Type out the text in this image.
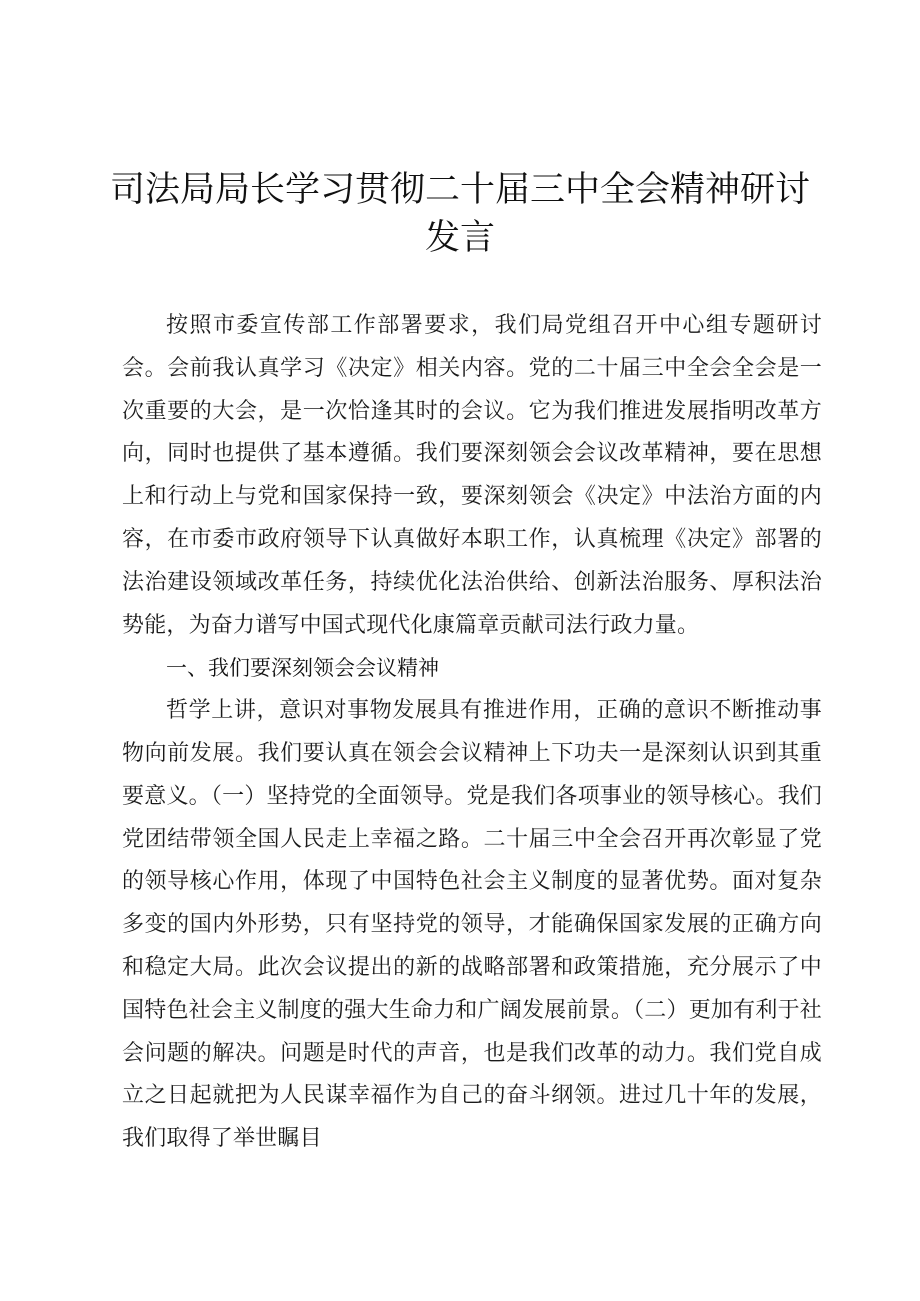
司法局局长学习贯彻二十届三中全会精神研讨
发言

按照市委宣传部工作部署要求，我们局党组召开中心组专题研讨会。会前我认真学习《决定》相关内容。党的二十届三中全会全会是一次重要的大会，是一次恰逢其时的会议。它为我们推进发展指明改革方向，同时也提供了基本遵循。我们要深刻领会会议改革精神，要在思想上和行动上与党和国家保持一致，要深刻领会《决定》中法治方面的内容，在市委市政府领导下认真做好本职工作，认真梳理《决定》部署的法治建设领域改革任务，持续优化法治供给、创新法治服务、厚积法治势能，为奋力谱写中国式现代化康篇章贡献司法行政力量。

一、我们要深刻领会会议精神

哲学上讲，意识对事物发展具有推进作用，正确的意识不断推动事物向前发展。我们要认真在领会会议精神上下功夫一是深刻认识到其重要意义。（一）坚持党的全面领导。党是我们各项事业的领导核心。我们党团结带领全国人民走上幸福之路。二十届三中全会召开再次彰显了党的领导核心作用，体现了中国特色社会主义制度的显著优势。面对复杂多变的国内外形势，只有坚持党的领导，才能确保国家发展的正确方向和稳定大局。此次会议提出的新的战略部署和政策措施，充分展示了中国特色社会主义制度的强大生命力和广阔发展前景。（二）更加有利于社会问题的解决。问题是时代的声音，也是我们改革的动力。我们党自成立之日起就把为人民谋幸福作为自己的奋斗纲领。进过几十年的发展，我们取得了举世瞩目
